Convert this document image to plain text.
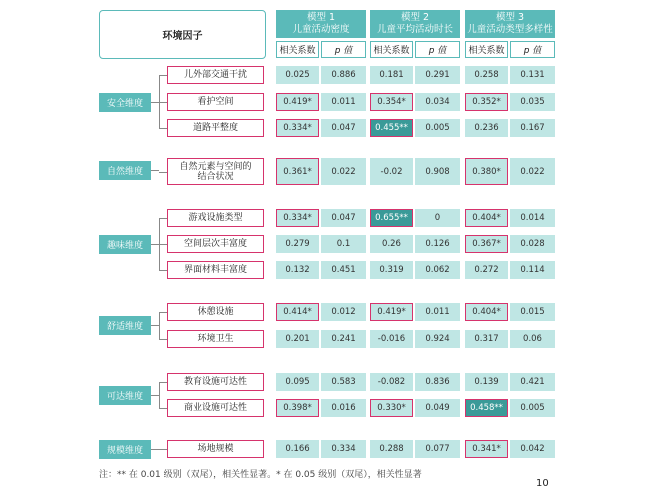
环境因子
模型 1
儿童活动密度
相关系数	p 值
模型 2
儿童平均活动时长
相关系数	p 值
模型 3
儿童活动类型多样性
相关系数	p 值
安全维度
儿外部交通干扰	0.025	0.886	0.181	0.291	0.258	0.131
看护空间	0.419*	0.011	0.354*	0.034	0.352*	0.035
道路平整度	0.334*	0.047	0.455**	0.005	0.236	0.167
自然维度
自然元素与空间的
结合状况	0.361*	0.022	-0.02	0.908	0.380*	0.022
趣味维度
游戏设施类型	0.334*	0.047	0.655**	0	0.404*	0.014
空间层次丰富度	0.279	0.1	0.26	0.126	0.367*	0.028
界面材料丰富度	0.132	0.451	0.319	0.062	0.272	0.114
舒适维度
休憩设施	0.414*	0.012	0.419*	0.011	0.404*	0.015
环境卫生	0.201	0.241	-0.016	0.924	0.317	0.06
可达维度
教育设施可达性	0.095	0.583	-0.082	0.836	0.139	0.421
商业设施可达性	0.398*	0.016	0.330*	0.049	0.458**	0.005
规模维度	场地规模	0.166	0.334	0.288	0.077	0.341*	0.042
注：** 在 0.01 级别（双尾），相关性显著。* 在 0.05 级别（双尾），相关性显著
10
